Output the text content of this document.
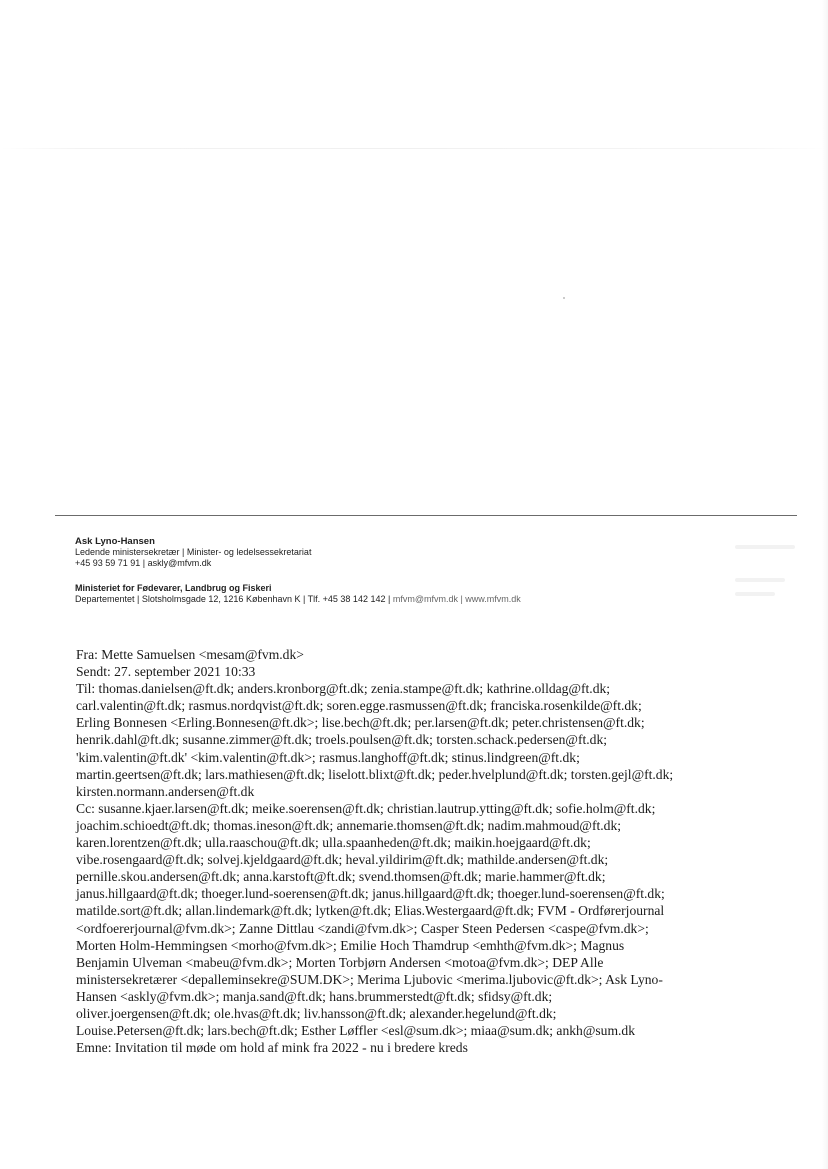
Ask Lyno-Hansen
Ledende ministersekretær | Minister- og ledelsessekretariat
+45 93 59 71 91 | askly@mfvm.dk
Ministeriet for Fødevarer, Landbrug og Fiskeri
Departementet | Slotsholmsgade 12, 1216 København K | Tlf. +45 38 142 142 | mfvm@mfvm.dk | www.mfvm.dk

Fra: Mette Samuelsen <mesam@fvm.dk>

Sendt: 27. september 2021 10:33

Til: thomas.danielsen@ft.dk; anders.kronborg@ft.dk; zenia.stampe@ft.dk; kathrine.olldag@ft.dk;

carl.valentin@ft.dk; rasmus.nordqvist@ft.dk; soren.egge.rasmussen@ft.dk; franciska.rosenkilde@ft.dk;

Erling Bonnesen <Erling.Bonnesen@ft.dk>; lise.bech@ft.dk; per.larsen@ft.dk; peter.christensen@ft.dk;

henrik.dahl@ft.dk; susanne.zimmer@ft.dk; troels.poulsen@ft.dk; torsten.schack.pedersen@ft.dk;

'kim.valentin@ft.dk' <kim.valentin@ft.dk>; rasmus.langhoff@ft.dk; stinus.lindgreen@ft.dk;

martin.geertsen@ft.dk; lars.mathiesen@ft.dk; liselott.blixt@ft.dk; peder.hvelplund@ft.dk; torsten.gejl@ft.dk;

kirsten.normann.andersen@ft.dk

Cc: susanne.kjaer.larsen@ft.dk; meike.soerensen@ft.dk; christian.lautrup.ytting@ft.dk; sofie.holm@ft.dk;

joachim.schioedt@ft.dk; thomas.ineson@ft.dk; annemarie.thomsen@ft.dk; nadim.mahmoud@ft.dk;

karen.lorentzen@ft.dk; ulla.raaschou@ft.dk; ulla.spaanheden@ft.dk; maikin.hoejgaard@ft.dk;

vibe.rosengaard@ft.dk; solvej.kjeldgaard@ft.dk; heval.yildirim@ft.dk; mathilde.andersen@ft.dk;

pernille.skou.andersen@ft.dk; anna.karstoft@ft.dk; svend.thomsen@ft.dk; marie.hammer@ft.dk;

janus.hillgaard@ft.dk; thoeger.lund-soerensen@ft.dk; janus.hillgaard@ft.dk; thoeger.lund-soerensen@ft.dk;

matilde.sort@ft.dk; allan.lindemark@ft.dk; lytken@ft.dk; Elias.Westergaard@ft.dk; FVM - Ordførerjournal

<ordfoererjournal@fvm.dk>; Zanne Dittlau <zandi@fvm.dk>; Casper Steen Pedersen <caspe@fvm.dk>;

Morten Holm-Hemmingsen <morho@fvm.dk>; Emilie Hoch Thamdrup <emhth@fvm.dk>; Magnus

Benjamin Ulveman <mabeu@fvm.dk>; Morten Torbjørn Andersen <motoa@fvm.dk>; DEP Alle

ministersekretærer <depalleminsekre@SUM.DK>; Merima Ljubovic <merima.ljubovic@ft.dk>; Ask Lyno-

Hansen <askly@fvm.dk>; manja.sand@ft.dk; hans.brummerstedt@ft.dk; sfidsy@ft.dk;

oliver.joergensen@ft.dk; ole.hvas@ft.dk; liv.hansson@ft.dk; alexander.hegelund@ft.dk;

Louise.Petersen@ft.dk; lars.bech@ft.dk; Esther Løffler <esl@sum.dk>; miaa@sum.dk; ankh@sum.dk

Emne: Invitation til møde om hold af mink fra 2022 - nu i bredere kreds
